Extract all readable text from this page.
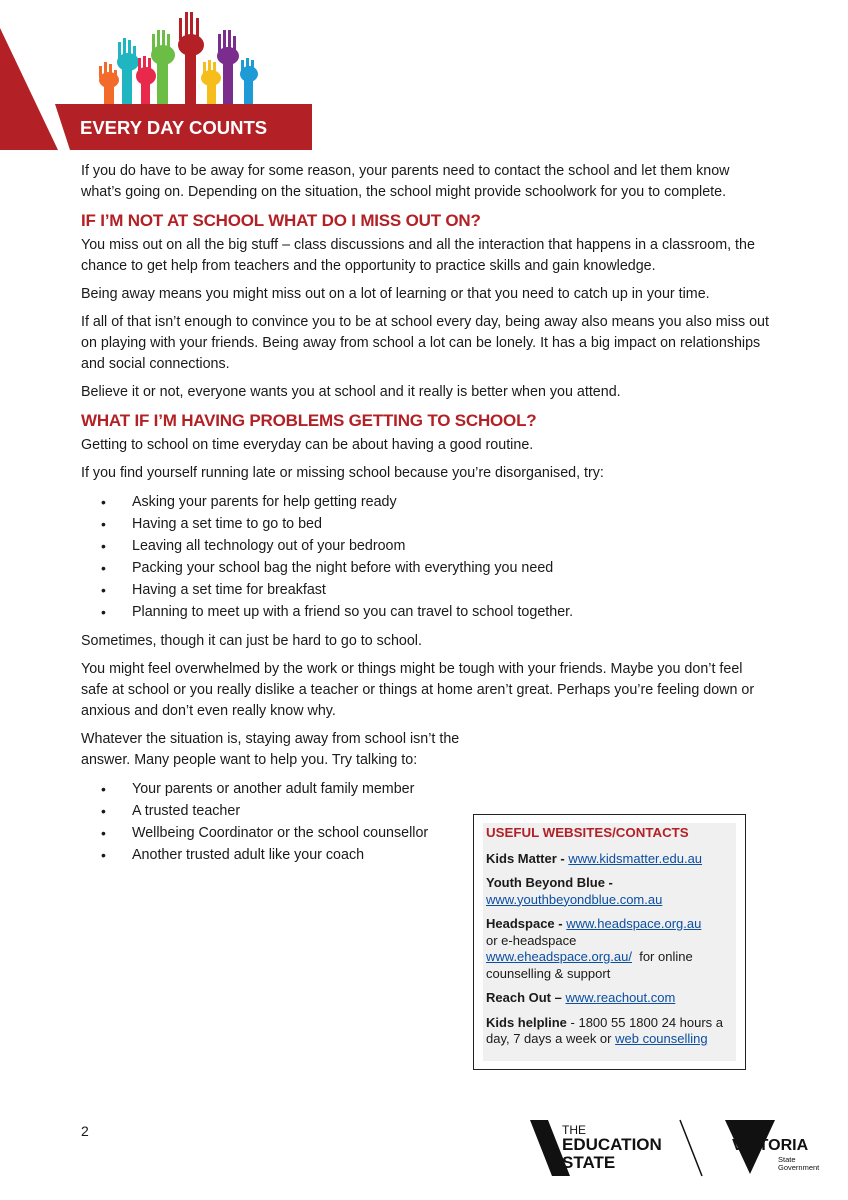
EVERY DAY COUNTS

If you do have to be away for some reason, your parents need to contact the school and let them know what’s going on. Depending on the situation, the school might provide schoolwork for you to complete.

IF I’M NOT AT SCHOOL WHAT DO I MISS OUT ON?

You miss out on all the big stuff – class discussions and all the interaction that happens in a classroom, the chance to get help from teachers and the opportunity to practice skills and gain knowledge.

Being away means you might miss out on a lot of learning or that you need to catch up in your time.

If all of that isn’t enough to convince you to be at school every day, being away also means you also miss out on playing with your friends. Being away from school a lot can be lonely. It has a big impact on relationships and social connections.

Believe it or not, everyone wants you at school and it really is better when you attend.

WHAT IF I’M HAVING PROBLEMS GETTING TO SCHOOL?

Getting to school on time everyday can be about having a good routine.

If you find yourself running late or missing school because you’re disorganised, try:

• Asking your parents for help getting ready
• Having a set time to go to bed
• Leaving all technology out of your bedroom
• Packing your school bag the night before with everything you need
• Having a set time for breakfast
• Planning to meet up with a friend so you can travel to school together.

Sometimes, though it can just be hard to go to school.

You might feel overwhelmed by the work or things might be tough with your friends. Maybe you don’t feel safe at school or you really dislike a teacher or things at home aren’t great. Perhaps you’re feeling down or anxious and don’t even really know why.

Whatever the situation is, staying away from school isn’t the answer. Many people want to help you. Try talking to:

• Your parents or another adult family member
• A trusted teacher
• Wellbeing Coordinator or the school counsellor
• Another trusted adult like your coach
USEFUL WEBSITES/CONTACTS
Kids Matter - www.kidsmatter.edu.au
Youth Beyond Blue -
www.youthbeyondblue.com.au
Headspace - www.headspace.org.au
or e-headspace
www.eheadspace.org.au/  for online counselling & support
Reach Out – www.reachout.com
Kids helpline - 1800 55 1800 24 hours a day, 7 days a week or web counselling
2	THE
EDUCATION
STATE
VICTORIA
State
Government
